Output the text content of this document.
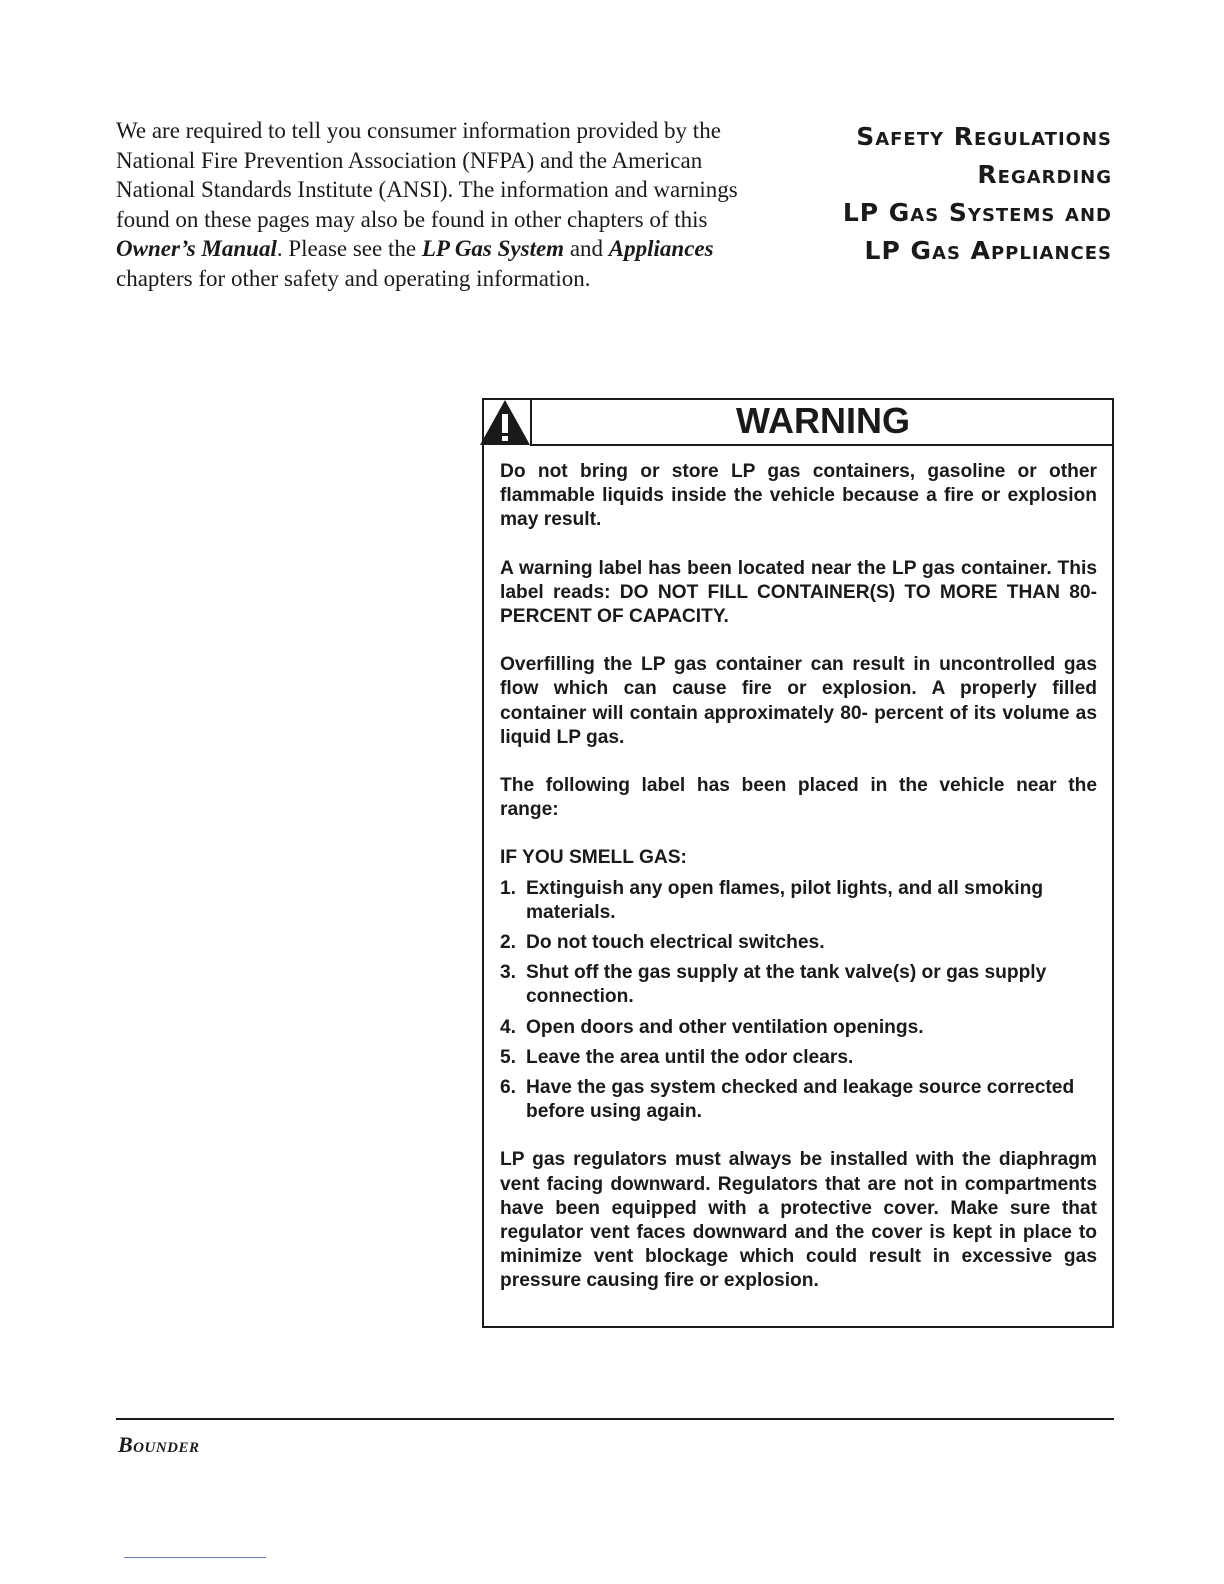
We are required to tell you consumer information provided by the National Fire Prevention Association (NFPA) and the American National Standards Institute (ANSI). The information and warnings found on these pages may also be found in other chapters of this Owner’s Manual. Please see the LP Gas System and Appliances chapters for other safety and operating information.

Safety Regulations
Regarding
LP Gas Systems and
LP Gas Appliances
WARNING

Do not bring or store LP gas containers, gasoline or other flammable liquids inside the vehicle because a fire or explosion may result.

A warning label has been located near the LP gas container. This label reads: DO NOT FILL CONTAINER(S) TO MORE THAN 80-PERCENT OF CAPACITY.

Overfilling the LP gas container can result in uncontrolled gas flow which can cause fire or explosion. A properly filled container will contain approximately 80- percent of its volume as liquid LP gas.

The following label has been placed in the vehicle near the range:

IF YOU SMELL GAS:
1. Extinguish any open flames, pilot lights, and all smoking materials.
2. Do not touch electrical switches.
3. Shut off the gas supply at the tank valve(s) or gas supply connection.
4. Open doors and other ventilation openings.
5. Leave the area until the odor clears.
6. Have the gas system checked and leakage source corrected before using again.

LP gas regulators must always be installed with the diaphragm vent facing downward. Regulators that are not in compartments have been equipped with a protective cover. Make sure that regulator vent faces downward and the cover is kept in place to minimize vent blockage which could result in excessive gas pressure causing fire or explosion.

Bounder
